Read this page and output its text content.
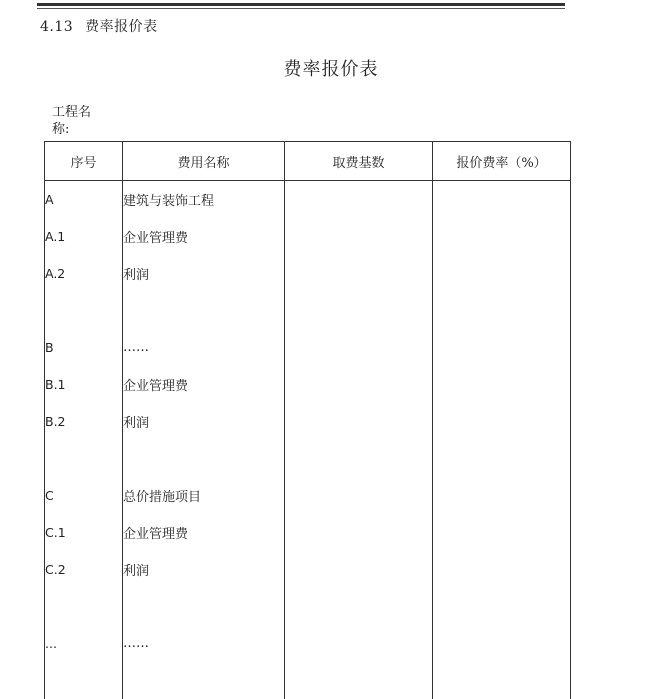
4.13 费率报价表
费率报价表
工程名称:
序号	费用名称	取费基数	报价费率（%）
A	建筑与装饰工程		
A.1	企业管理费		
A.2	利润		

B	……		
B.1	企业管理费		
B.2	利润		

C	总价措施项目		
C.1	企业管理费		
C.2	利润		

...	……		
